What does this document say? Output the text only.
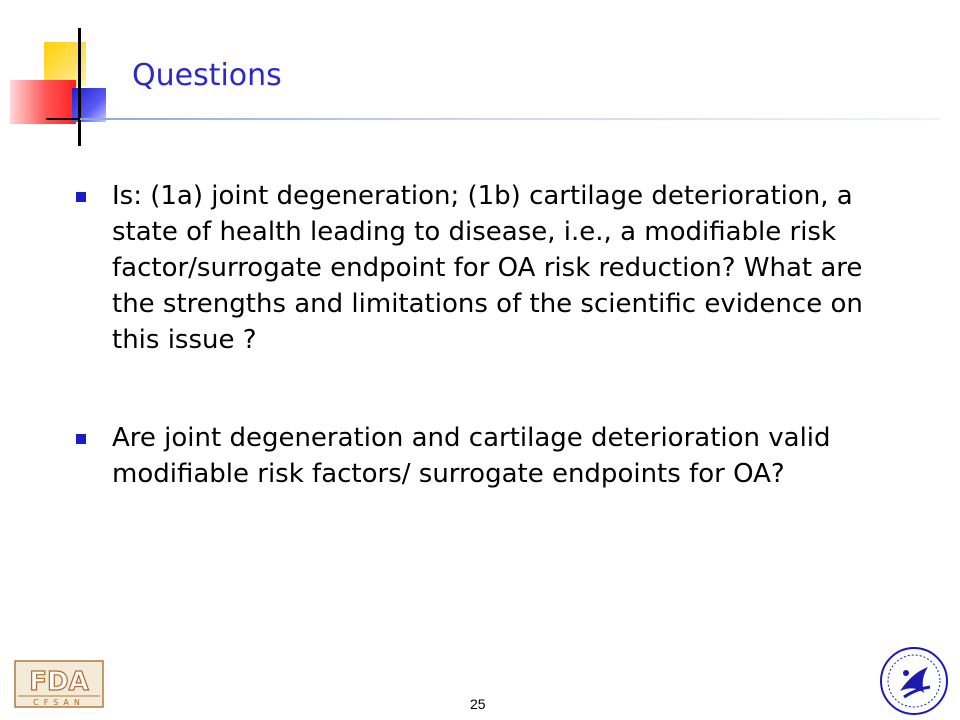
Questions
Is: (1a) joint degeneration; (1b) cartilage deterioration, a state of health leading to disease, i.e., a modifiable risk factor/surrogate endpoint for OA risk reduction? What are the strengths and limitations of the scientific evidence on this issue ?
Are joint degeneration and cartilage deterioration valid modifiable risk factors/ surrogate endpoints for OA?
FDA
CFSAN	25
